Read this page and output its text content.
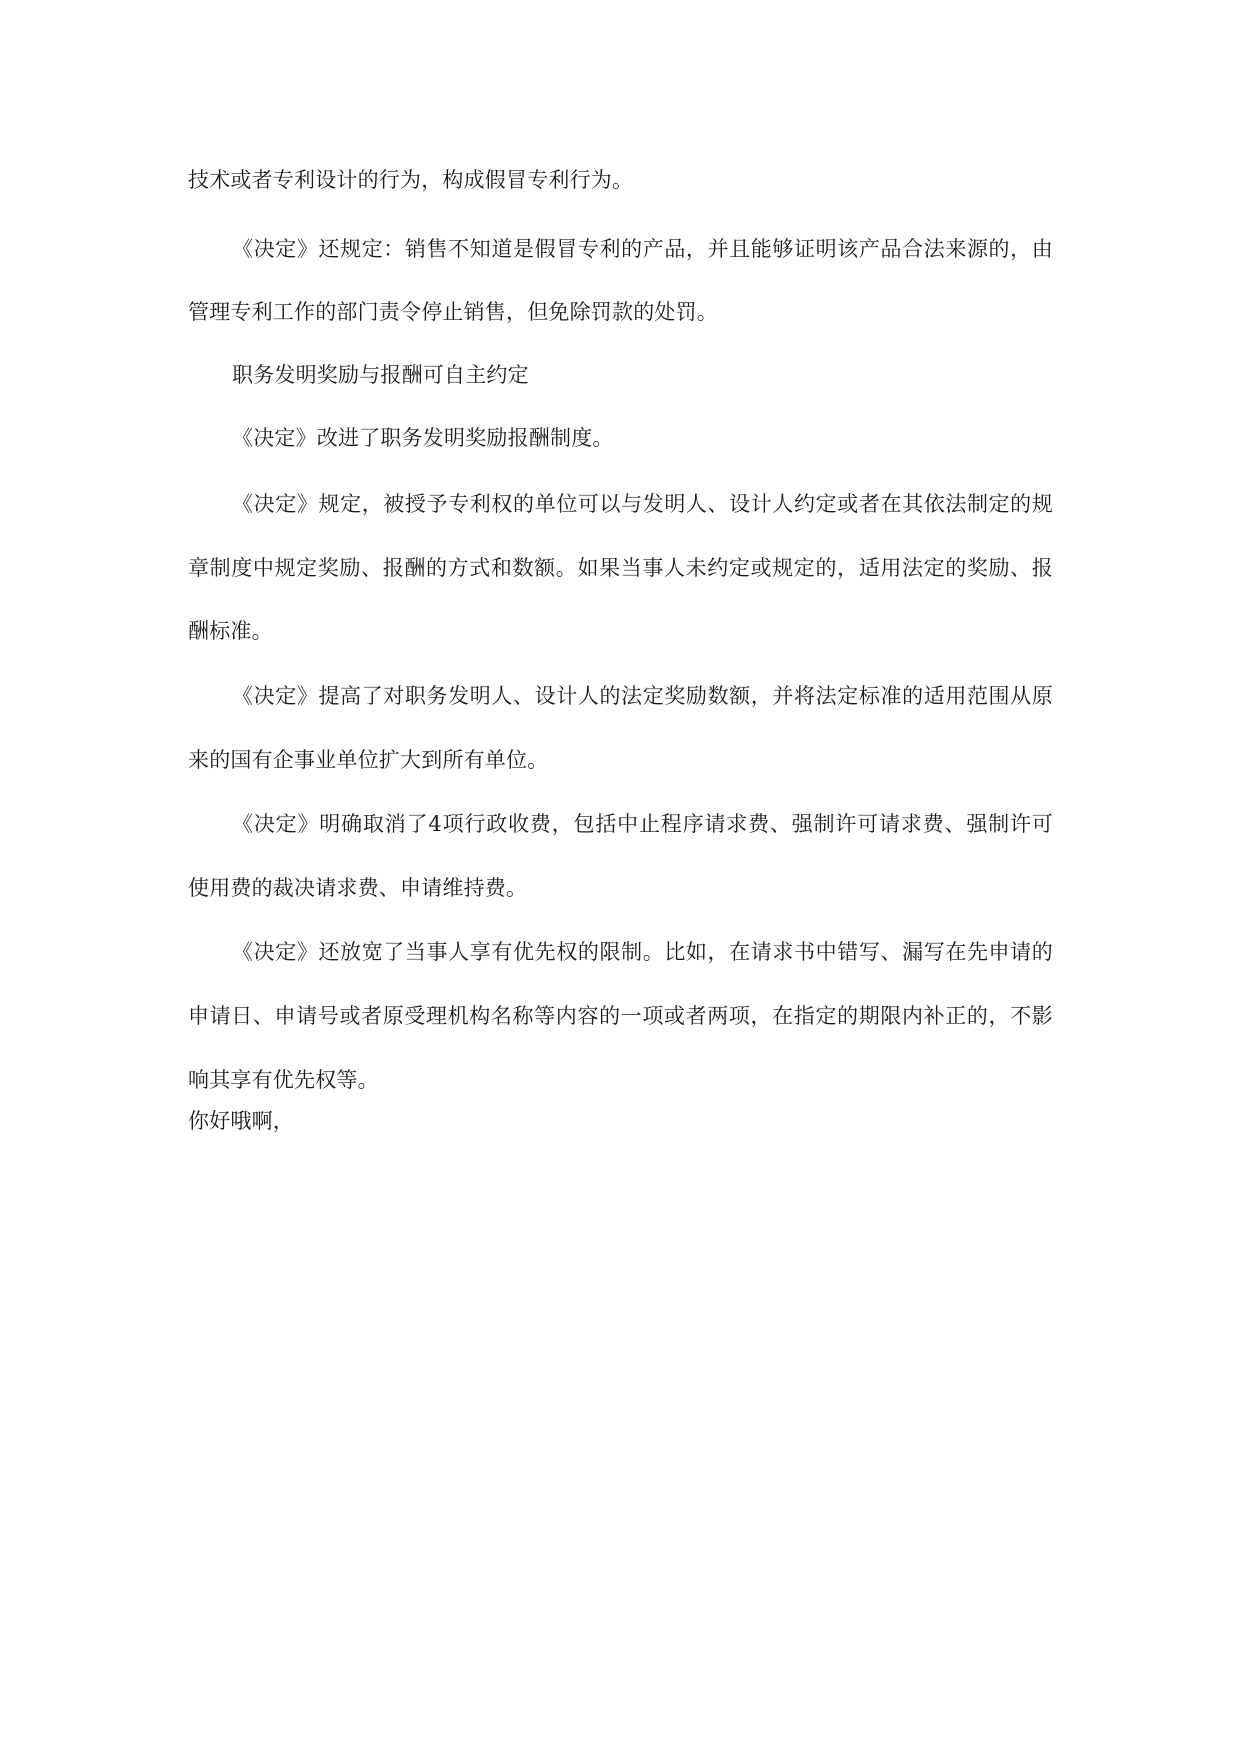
技术或者专利设计的行为，构成假冒专利行为。
《决定》还规定：销售不知道是假冒专利的产品，并且能够证明该产品合法来源的，由
管理专利工作的部门责令停止销售，但免除罚款的处罚。
职务发明奖励与报酬可自主约定
《决定》改进了职务发明奖励报酬制度。
《决定》规定，被授予专利权的单位可以与发明人、设计人约定或者在其依法制定的规
章制度中规定奖励、报酬的方式和数额。如果当事人未约定或规定的，适用法定的奖励、报
酬标准。
《决定》提高了对职务发明人、设计人的法定奖励数额，并将法定标准的适用范围从原
来的国有企事业单位扩大到所有单位。
《决定》明确取消了4项行政收费，包括中止程序请求费、强制许可请求费、强制许可
使用费的裁决请求费、申请维持费。
《决定》还放宽了当事人享有优先权的限制。比如，在请求书中错写、漏写在先申请的
申请日、申请号或者原受理机构名称等内容的一项或者两项，在指定的期限内补正的，不影
响其享有优先权等。
你好哦啊，
